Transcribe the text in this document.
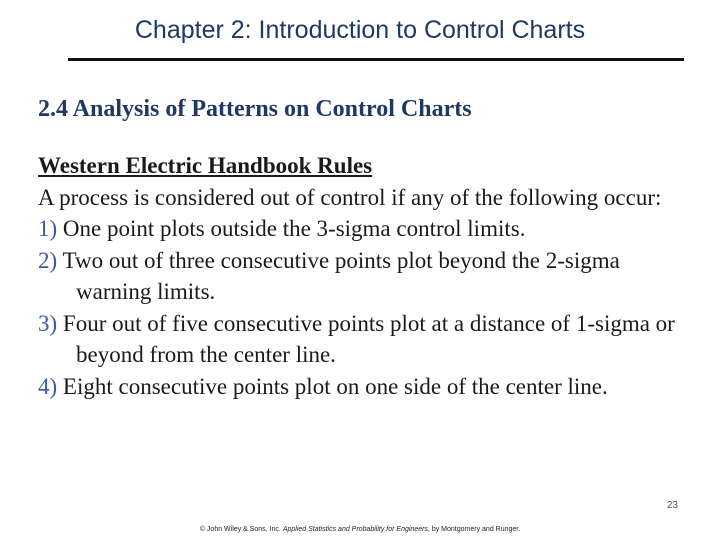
Chapter 2: Introduction to Control Charts
2.4 Analysis of Patterns on Control Charts

Western Electric Handbook Rules

A process is considered out of control if any of the following occur:

1) One point plots outside the 3-sigma control limits.

2) Two out of three consecutive points plot beyond the 2-sigma warning limits.

3) Four out of five consecutive points plot at a distance of 1-sigma or beyond from the center line.

4) Eight consecutive points plot on one side of the center line.

23
© John Wiley & Sons, Inc. Applied Statistics and Probability for Engineers, by Montgomery and Runger.
